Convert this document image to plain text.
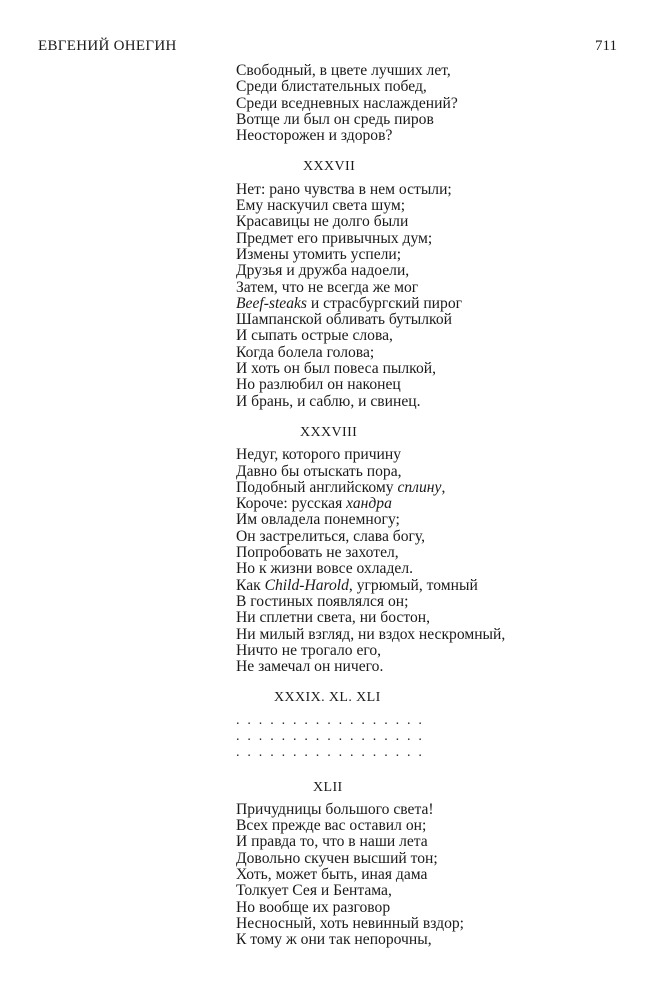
ЕВГЕНИЙ ОНЕГИН	711
Свободный, в цвете лучших лет,
Среди блистательных побед,
Среди вседневных наслаждений?
Вотще ли был он средь пиров
Неосторожен и здоров?
XXXVII
Нет: рано чувства в нем остыли;
Ему наскучил света шум;
Красавицы не долго были
Предмет его привычных дум;
Измены утомить успели;
Друзья и дружба надоели,
Затем, что не всегда же мог
Beef-steaks и страсбургский пирог
Шампанской обливать бутылкой
И сыпать острые слова,
Когда болела голова;
И хоть он был повеса пылкой,
Но разлюбил он наконец
И брань, и саблю, и свинец.
XXXVIII
Недуг, которого причину
Давно бы отыскать пора,
Подобный английскому сплину,
Короче: русская хандра
Им овладела понемногу;
Он застрелиться, слава богу,
Попробовать не захотел,
Но к жизни вовсе охладел.
Как Child-Harold, угрюмый, томный
В гостиных появлялся он;
Ни сплетни света, ни бостон,
Ни милый взгляд, ни вздох нескромный,
Ничто не трогало его,
Не замечал он ничего.
XXXIX. XL. XLI
. . . . . . . . . . . . . . . . .
. . . . . . . . . . . . . . . . .
. . . . . . . . . . . . . . . . .
XLII
Причудницы большого света!
Всех прежде вас оставил он;
И правда то, что в наши лета
Довольно скучен высший тон;
Хоть, может быть, иная дама
Толкует Сея и Бентама,
Но вообще их разговор
Несносный, хоть невинный вздор;
К тому ж они так непорочны,
